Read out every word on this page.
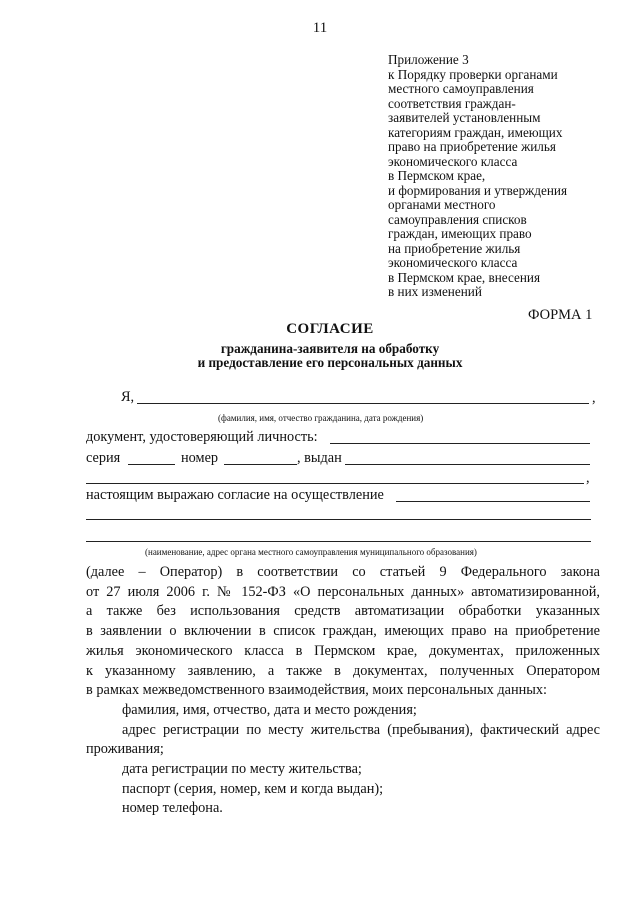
11
Приложение 3
к Порядку проверки органами
местного самоуправления
соответствия граждан-
заявителей установленным
категориям граждан, имеющих
право на приобретение жилья
экономического класса
в Пермском крае,
и формирования и утверждения
органами местного
самоуправления списков
граждан, имеющих право
на приобретение жилья
экономического класса
в Пермском крае, внесения
в них изменений
ФОРМА 1
СОГЛАСИЕ
гражданина-заявителя на обработку
и предоставление его персональных данных
Я,	,
(фамилия, имя, отчество гражданина, дата рождения)
документ, удостоверяющий личность:
серия	номер	, выдан
,
настоящим выражаю согласие на осуществление
(наименование, адрес органа местного самоуправления муниципального образования)
(далее – Оператор) в соответствии со статьей 9 Федерального закона
от 27 июля 2006 г. № 152-ФЗ «О персональных данных» автоматизированной,
а также без использования средств автоматизации обработки указанных
в заявлении о включении в список граждан, имеющих право на приобретение
жилья экономического класса в Пермском крае, документах, приложенных
к указанному заявлению, а также в документах, полученных Оператором
в рамках межведомственного взаимодействия, моих персональных данных:
фамилия, имя, отчество, дата и место рождения;
адрес регистрации по месту жительства (пребывания), фактический адрес
проживания;
дата регистрации по месту жительства;
паспорт (серия, номер, кем и когда выдан);
номер телефона.
